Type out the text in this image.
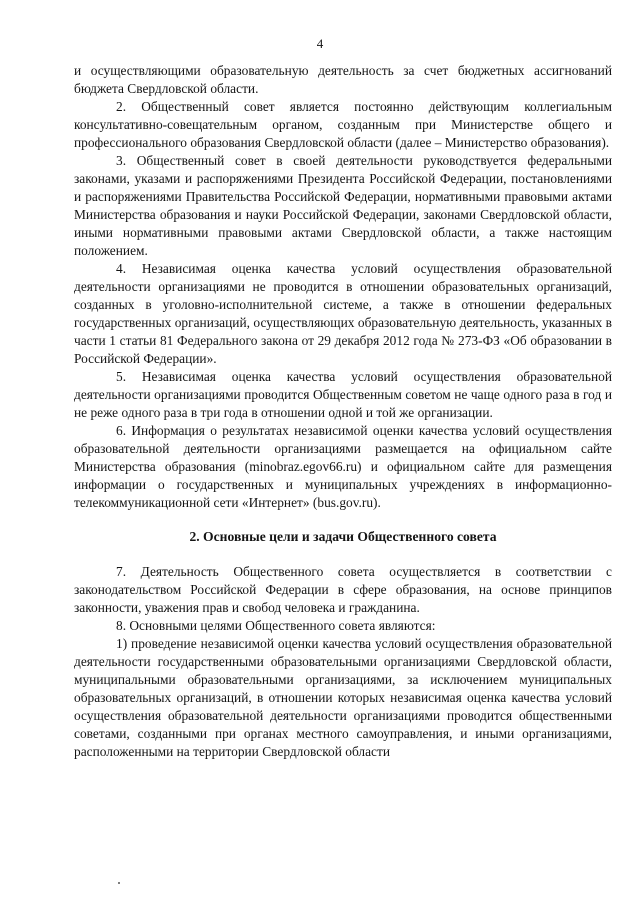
4

и осуществляющими образовательную деятельность за счет бюджетных ассигнований бюджета Свердловской области.

2. Общественный совет является постоянно действующим коллегиальным консультативно-совещательным органом, созданным при Министерстве общего и профессионального образования Свердловской области (далее – Министерство образования).

3. Общественный совет в своей деятельности руководствуется федеральными законами, указами и распоряжениями Президента Российской Федерации, постановлениями и распоряжениями Правительства Российской Федерации, нормативными правовыми актами Министерства образования и науки Российской Федерации, законами Свердловской области, иными нормативными правовыми актами Свердловской области, а также настоящим положением.

4. Независимая оценка качества условий осуществления образовательной деятельности организациями не проводится в отношении образовательных организаций, созданных в уголовно-исполнительной системе, а также в отношении федеральных государственных организаций, осуществляющих образовательную деятельность, указанных в части 1 статьи 81 Федерального закона от 29 декабря 2012 года № 273-ФЗ «Об образовании в Российской Федерации».

5. Независимая оценка качества условий осуществления образовательной деятельности организациями проводится Общественным советом не чаще одного раза в год и не реже одного раза в три года в отношении одной и той же организации.

6. Информация о результатах независимой оценки качества условий осуществления образовательной деятельности организациями размещается на официальном сайте Министерства образования (minobraz.egov66.ru) и официальном сайте для размещения информации о государственных и муниципальных учреждениях в информационно-телекоммуникационной сети «Интернет» (bus.gov.ru).

2. Основные цели и задачи Общественного совета

7. Деятельность Общественного совета осуществляется в соответствии с законодательством Российской Федерации в сфере образования, на основе принципов законности, уважения прав и свобод человека и гражданина.

8. Основными целями Общественного совета являются:

1) проведение независимой оценки качества условий осуществления образовательной деятельности государственными образовательными организациями Свердловской области, муниципальными образовательными организациями, за исключением муниципальных образовательных организаций, в отношении которых независимая оценка качества условий осуществления образовательной деятельности организациями проводится общественными советами, созданными при органах местного самоуправления, и иными организациями, расположенными на территории Свердловской области
